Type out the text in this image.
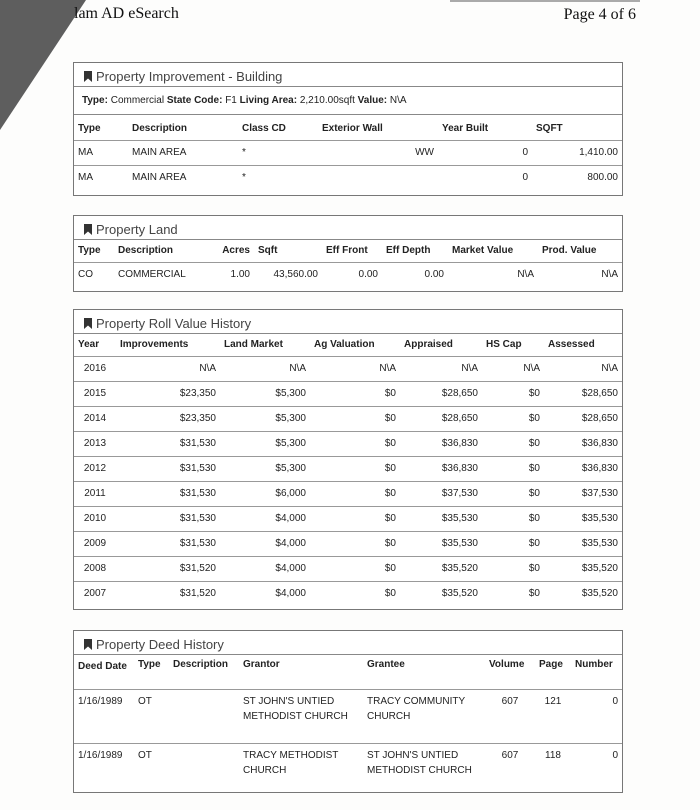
lam AD eSearch	Page 4 of 6
Property Improvement - Building
Type: Commercial State Code: F1 Living Area: 2,210.00sqft Value: N\A
Type	Description	Class CD	Exterior Wall	Year Built	SQFT
MA	MAIN AREA	*	WW	0	1,410.00
MA	MAIN AREA	*		0	800.00
Property Land
Type	Description	Acres	Sqft	Eff Front	Eff Depth	Market Value	Prod. Value
CO	COMMERCIAL	1.00	43,560.00	0.00	0.00	N\A	N\A
Property Roll Value History
Year	Improvements	Land Market	Ag Valuation	Appraised	HS Cap	Assessed
2016	N\A	N\A	N\A	N\A	N\A	N\A
2015	$23,350	$5,300	$0	$28,650	$0	$28,650
2014	$23,350	$5,300	$0	$28,650	$0	$28,650
2013	$31,530	$5,300	$0	$36,830	$0	$36,830
2012	$31,530	$5,300	$0	$36,830	$0	$36,830
2011	$31,530	$6,000	$0	$37,530	$0	$37,530
2010	$31,530	$4,000	$0	$35,530	$0	$35,530
2009	$31,530	$4,000	$0	$35,530	$0	$35,530
2008	$31,520	$4,000	$0	$35,520	$0	$35,520
2007	$31,520	$4,000	$0	$35,520	$0	$35,520
Property Deed History
Deed Date	Type	Description	Grantor	Grantee	Volume	Page	Number
1/16/1989	OT		ST JOHN'S UNTIED METHODIST CHURCH	TRACY COMMUNITY CHURCH	607	121	0
1/16/1989	OT		TRACY METHODIST CHURCH	ST JOHN'S UNTIED METHODIST CHURCH	607	118	0
